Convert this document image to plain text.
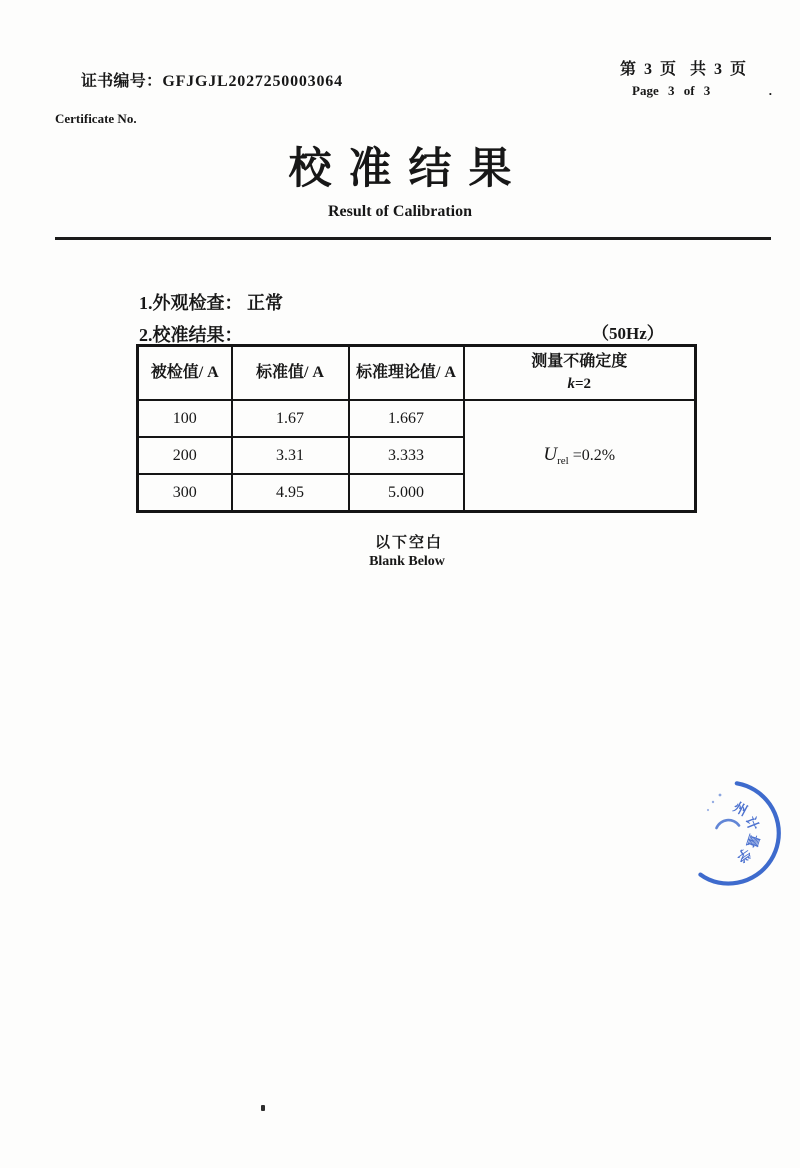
证书编号：GFJGJL2027250003064

Certificate No.
第 3 页  共 3 页
Page 3 of 3	.
校准结果
Result of Calibration
1.外观检查： 正常
2.校准结果：	（50Hz）
被检值/ A	标准值/ A	标准理论值/ A	测量不确定度
k=2
100	1.67	1.667	$U_{rel} =0.2\%$
200	3.31	3.333	
300	4.95	5.000	
以下空白
Blank Below
州
计
量
学
